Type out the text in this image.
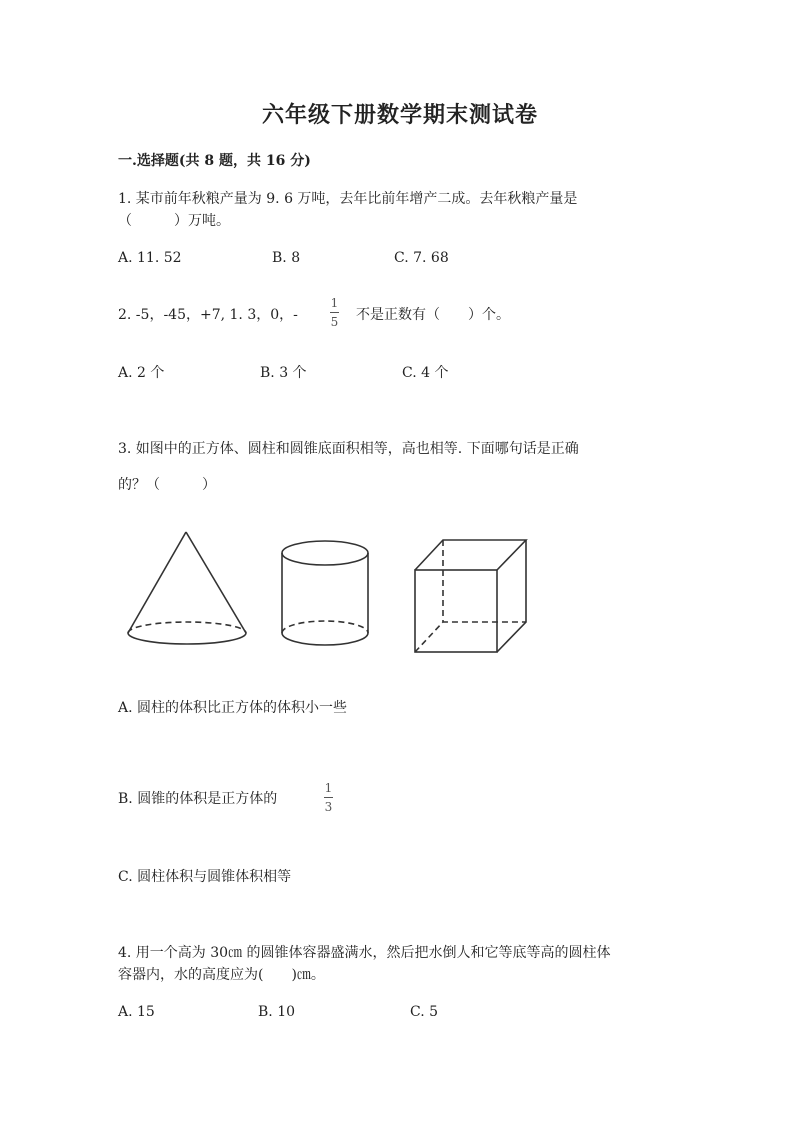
六年级下册数学期末测试卷
一.选择题(共 8 题，共 16 分)
1. 某市前年秋粮产量为 9. 6 万吨，去年比前年增产二成。去年秋粮产量是
（　　　）万吨。
A. 11. 52	B. 8	C. 7. 68
2. -5，-45，+7, 1. 3，0，-
1
5 不是正数有（　　）个。
A. 2 个	B. 3 个	C. 4 个
3. 如图中的正方体、圆柱和圆锥底面积相等，高也相等. 下面哪句话是正确
的？（　　　）
A. 圆柱的体积比正方体的体积小一些
B. 圆锥的体积是正方体的
1
3
C. 圆柱体积与圆锥体积相等
4. 用一个高为 30㎝ 的圆锥体容器盛满水，然后把水倒人和它等底等高的圆柱体
容器内，水的高度应为(　　)㎝。
A. 15	B. 10	C. 5
